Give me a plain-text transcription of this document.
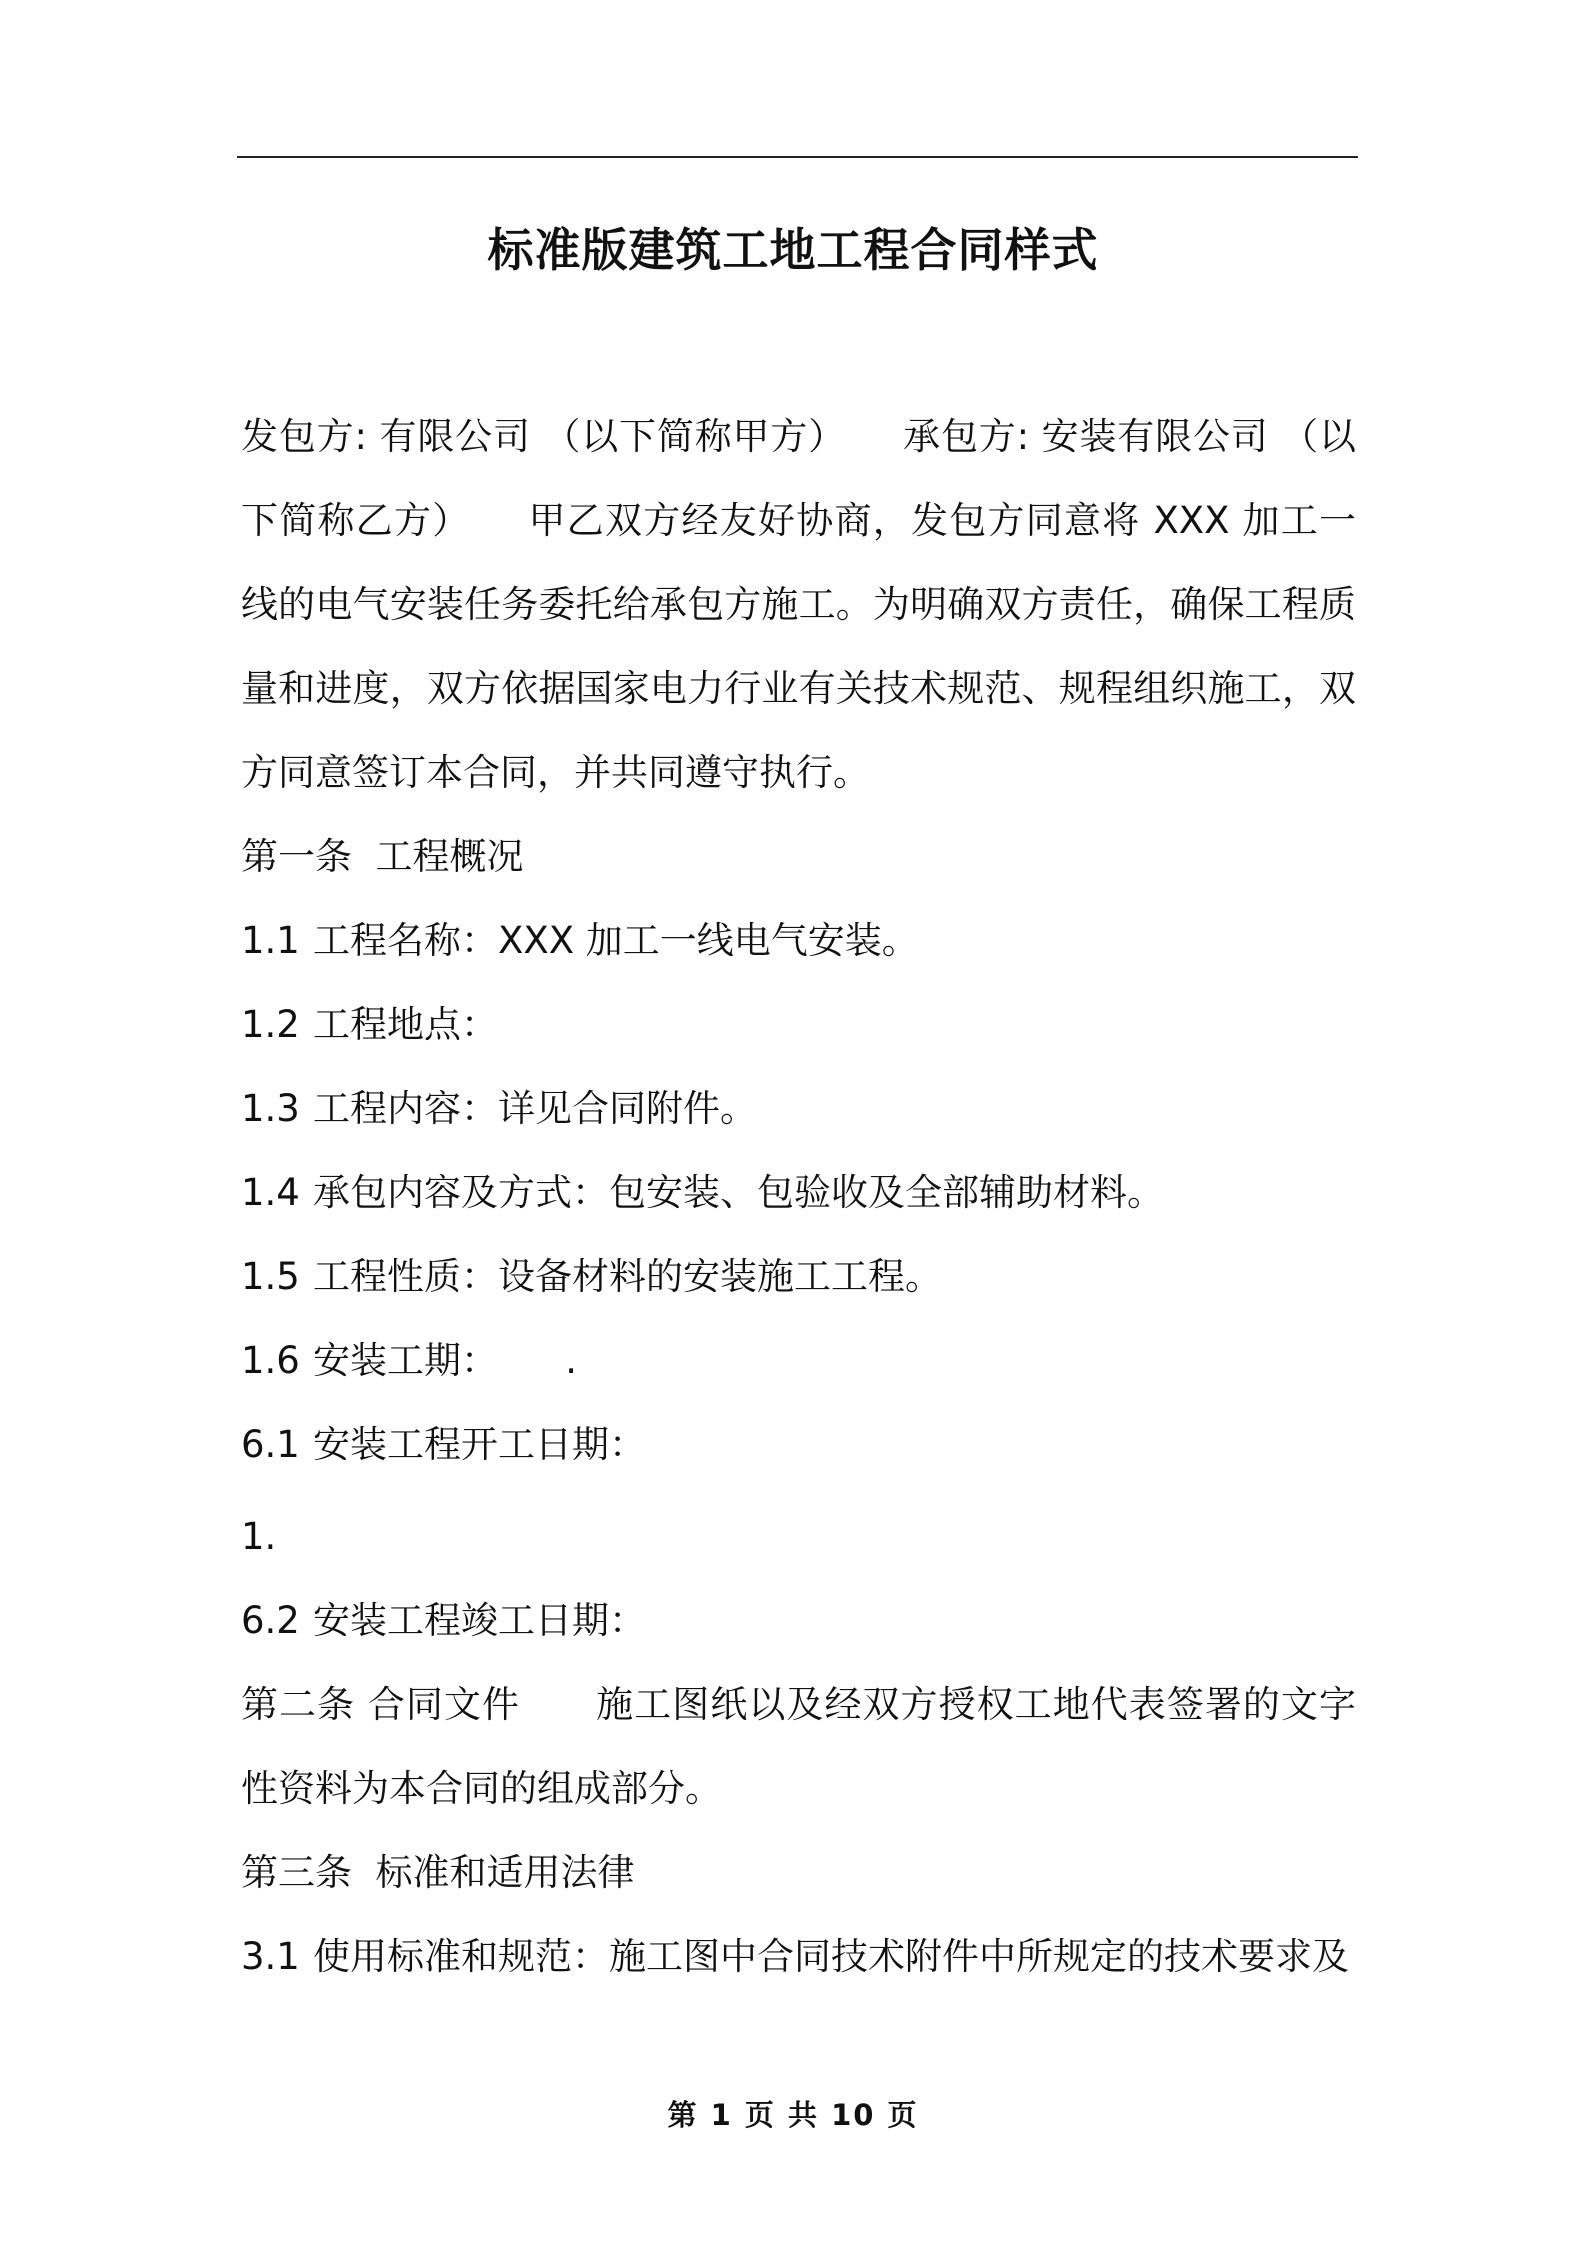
标准版建筑工地工程合同样式

发包方: 有限公司 （以下简称甲方）　　承包方: 安装有限公司 （以下简称乙方）　　甲乙双方经友好协商，发包方同意将 XXX 加工一线的电气安装任务委托给承包方施工。为明确双方责任，确保工程质量和进度，双方依据国家电力行业有关技术规范、规程组织施工，双方同意签订本合同，并共同遵守执行。

第一条  工程概况

1.1 工程名称：XXX 加工一线电气安装。

1.2 工程地点：

1.3 工程内容：详见合同附件。

1.4 承包内容及方式：包安装、包验收及全部辅助材料。

1.5 工程性质：设备材料的安装施工工程。

1.6 安装工期：　　 .

6.1 安装工程开工日期：

1.

6.2 安装工程竣工日期：

第二条 合同文件　　施工图纸以及经双方授权工地代表签署的文字性资料为本合同的组成部分。

第三条  标准和适用法律

3.1 使用标准和规范：施工图中合同技术附件中所规定的技术要求及

第 1 页 共 10 页
